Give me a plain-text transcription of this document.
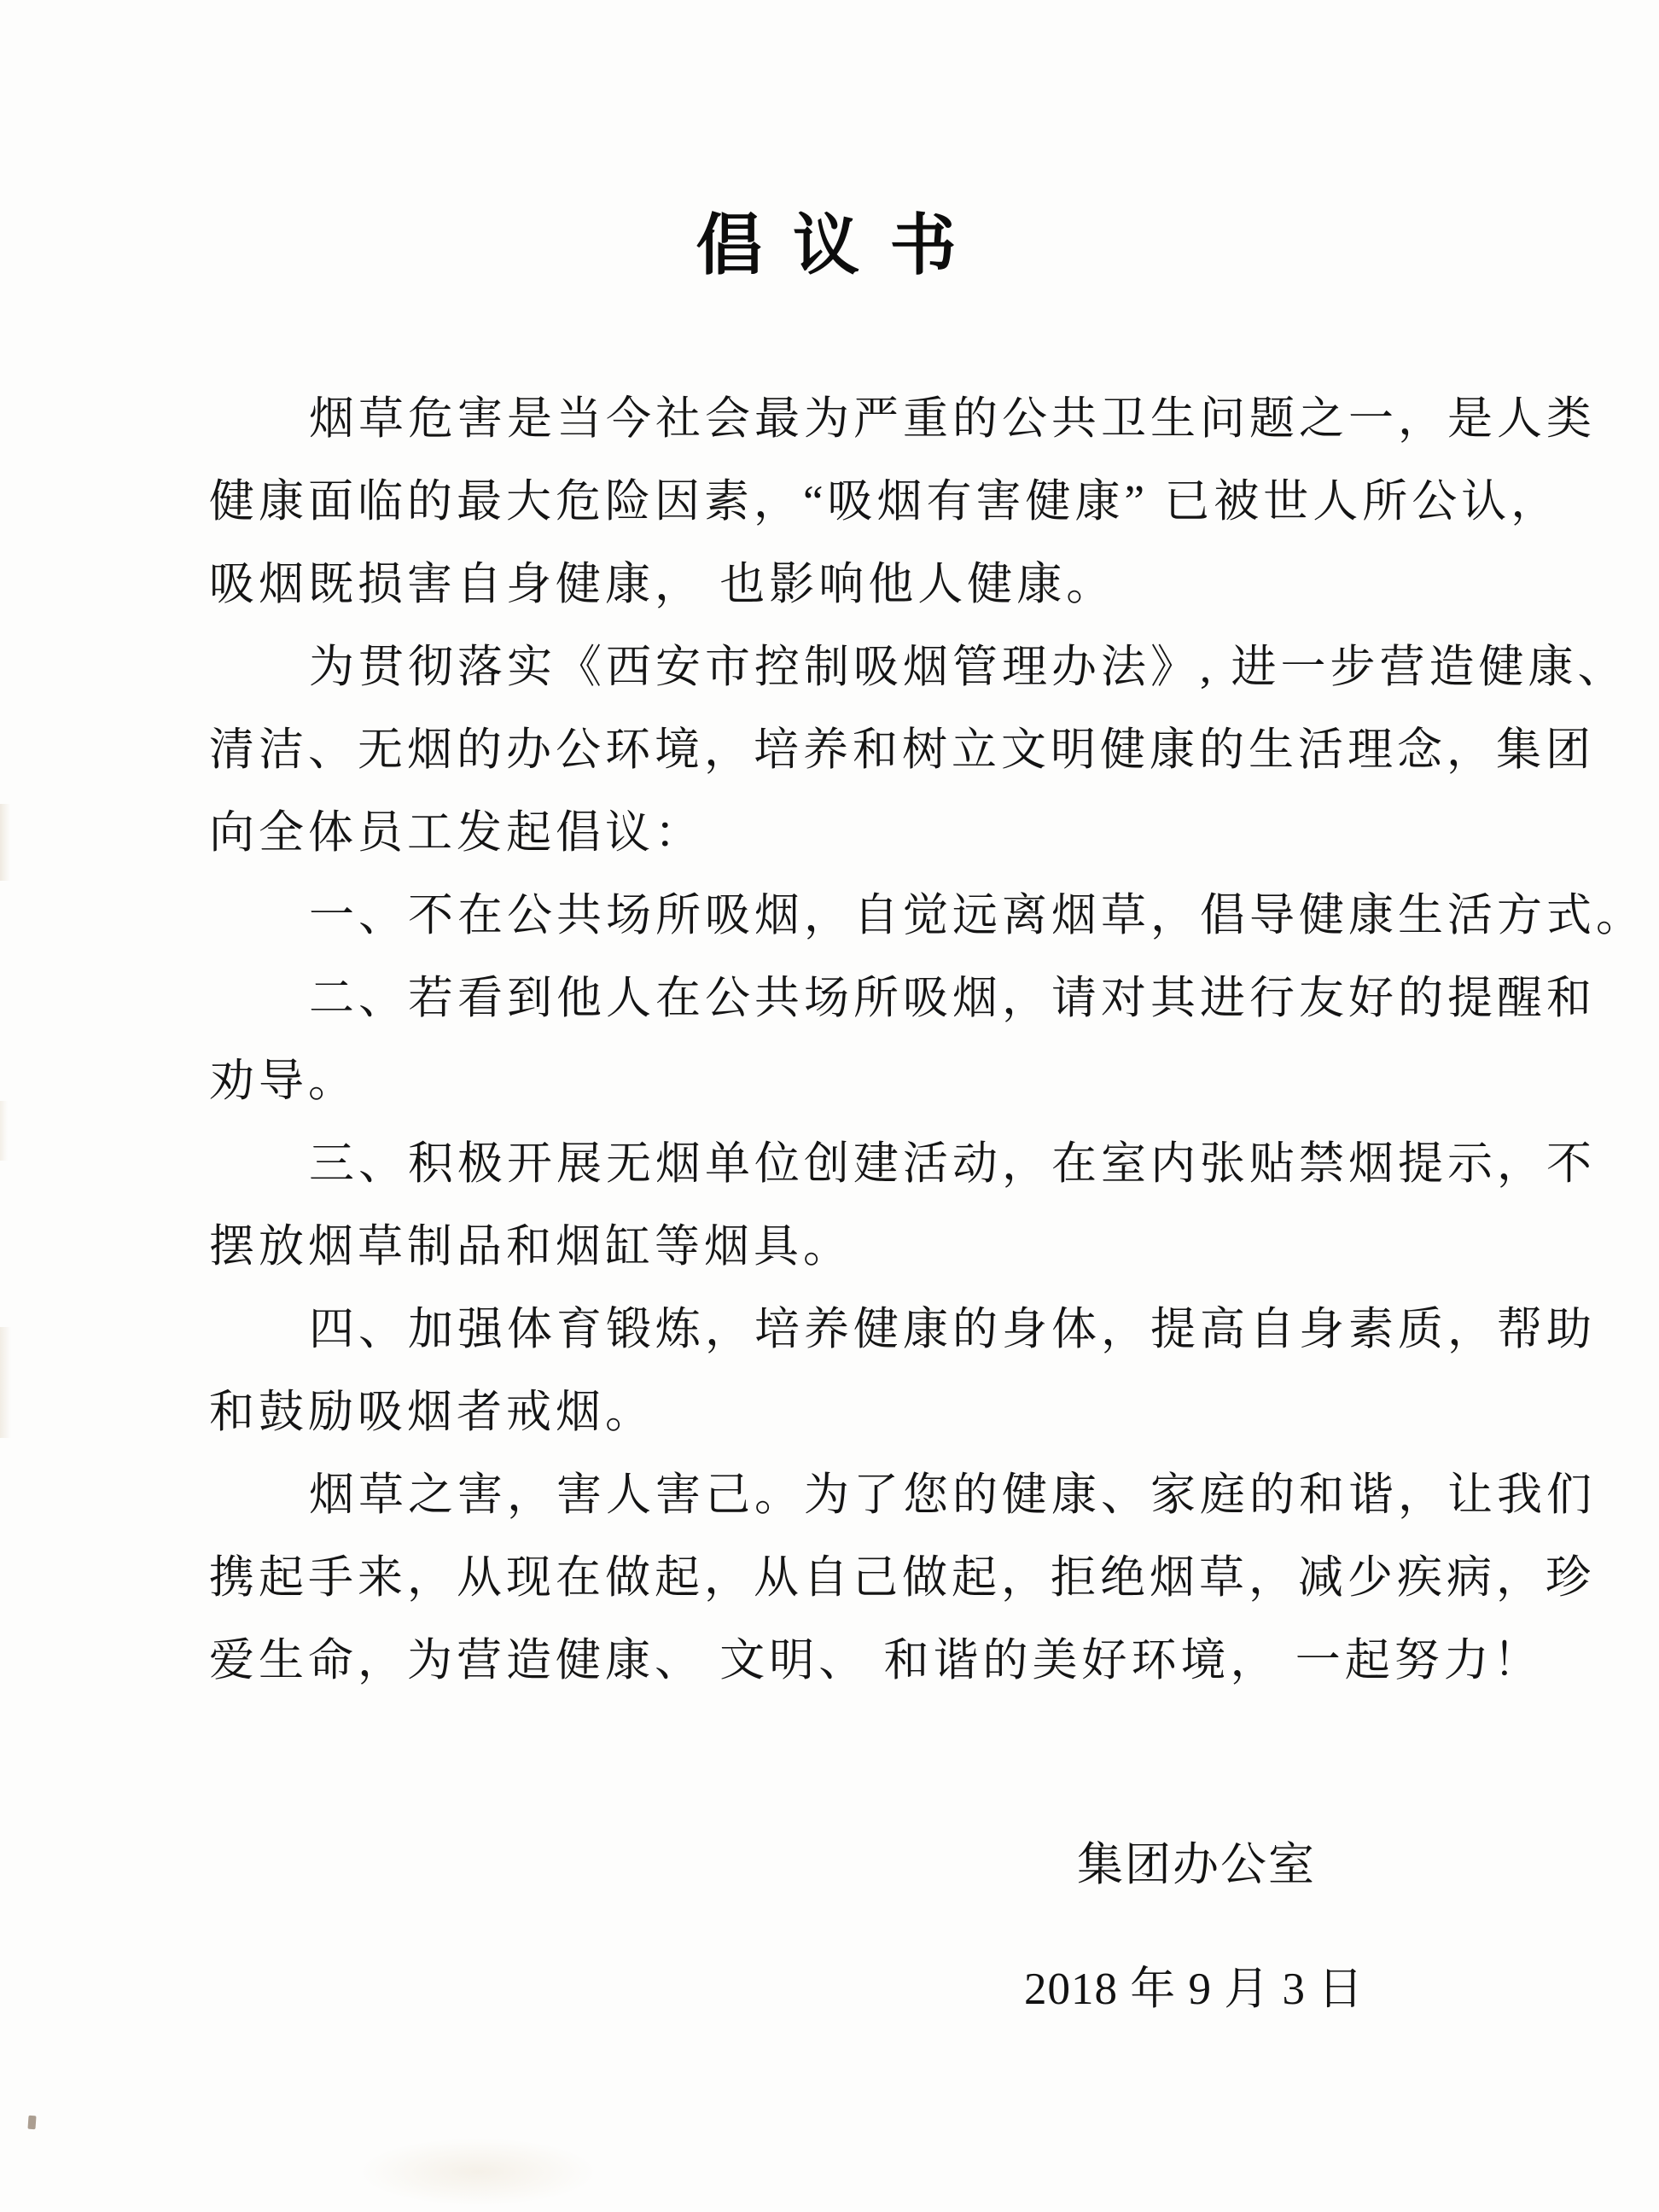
倡 议 书
烟草危害是当今社会最为严重的公共卫生问题之一，是人类
健康面临的最大危险因素，“吸烟有害健康” 已被世人所公认，
吸烟既损害自身健康， 也影响他人健康。
为贯彻落实《西安市控制吸烟管理办法》, 进一步营造健康、
清洁、无烟的办公环境，培养和树立文明健康的生活理念，集团
向全体员工发起倡议：
一、不在公共场所吸烟，自觉远离烟草，倡导健康生活方式。
二、若看到他人在公共场所吸烟，请对其进行友好的提醒和
劝导。
三、积极开展无烟单位创建活动，在室内张贴禁烟提示，不
摆放烟草制品和烟缸等烟具。
四、加强体育锻炼，培养健康的身体，提高自身素质，帮助
和鼓励吸烟者戒烟。
烟草之害，害人害己。为了您的健康、家庭的和谐，让我们
携起手来，从现在做起，从自己做起，拒绝烟草，减少疾病，珍
爱生命，为营造健康、 文明、 和谐的美好环境， 一起努力！
集团办公室
2018 年 9 月 3 日
